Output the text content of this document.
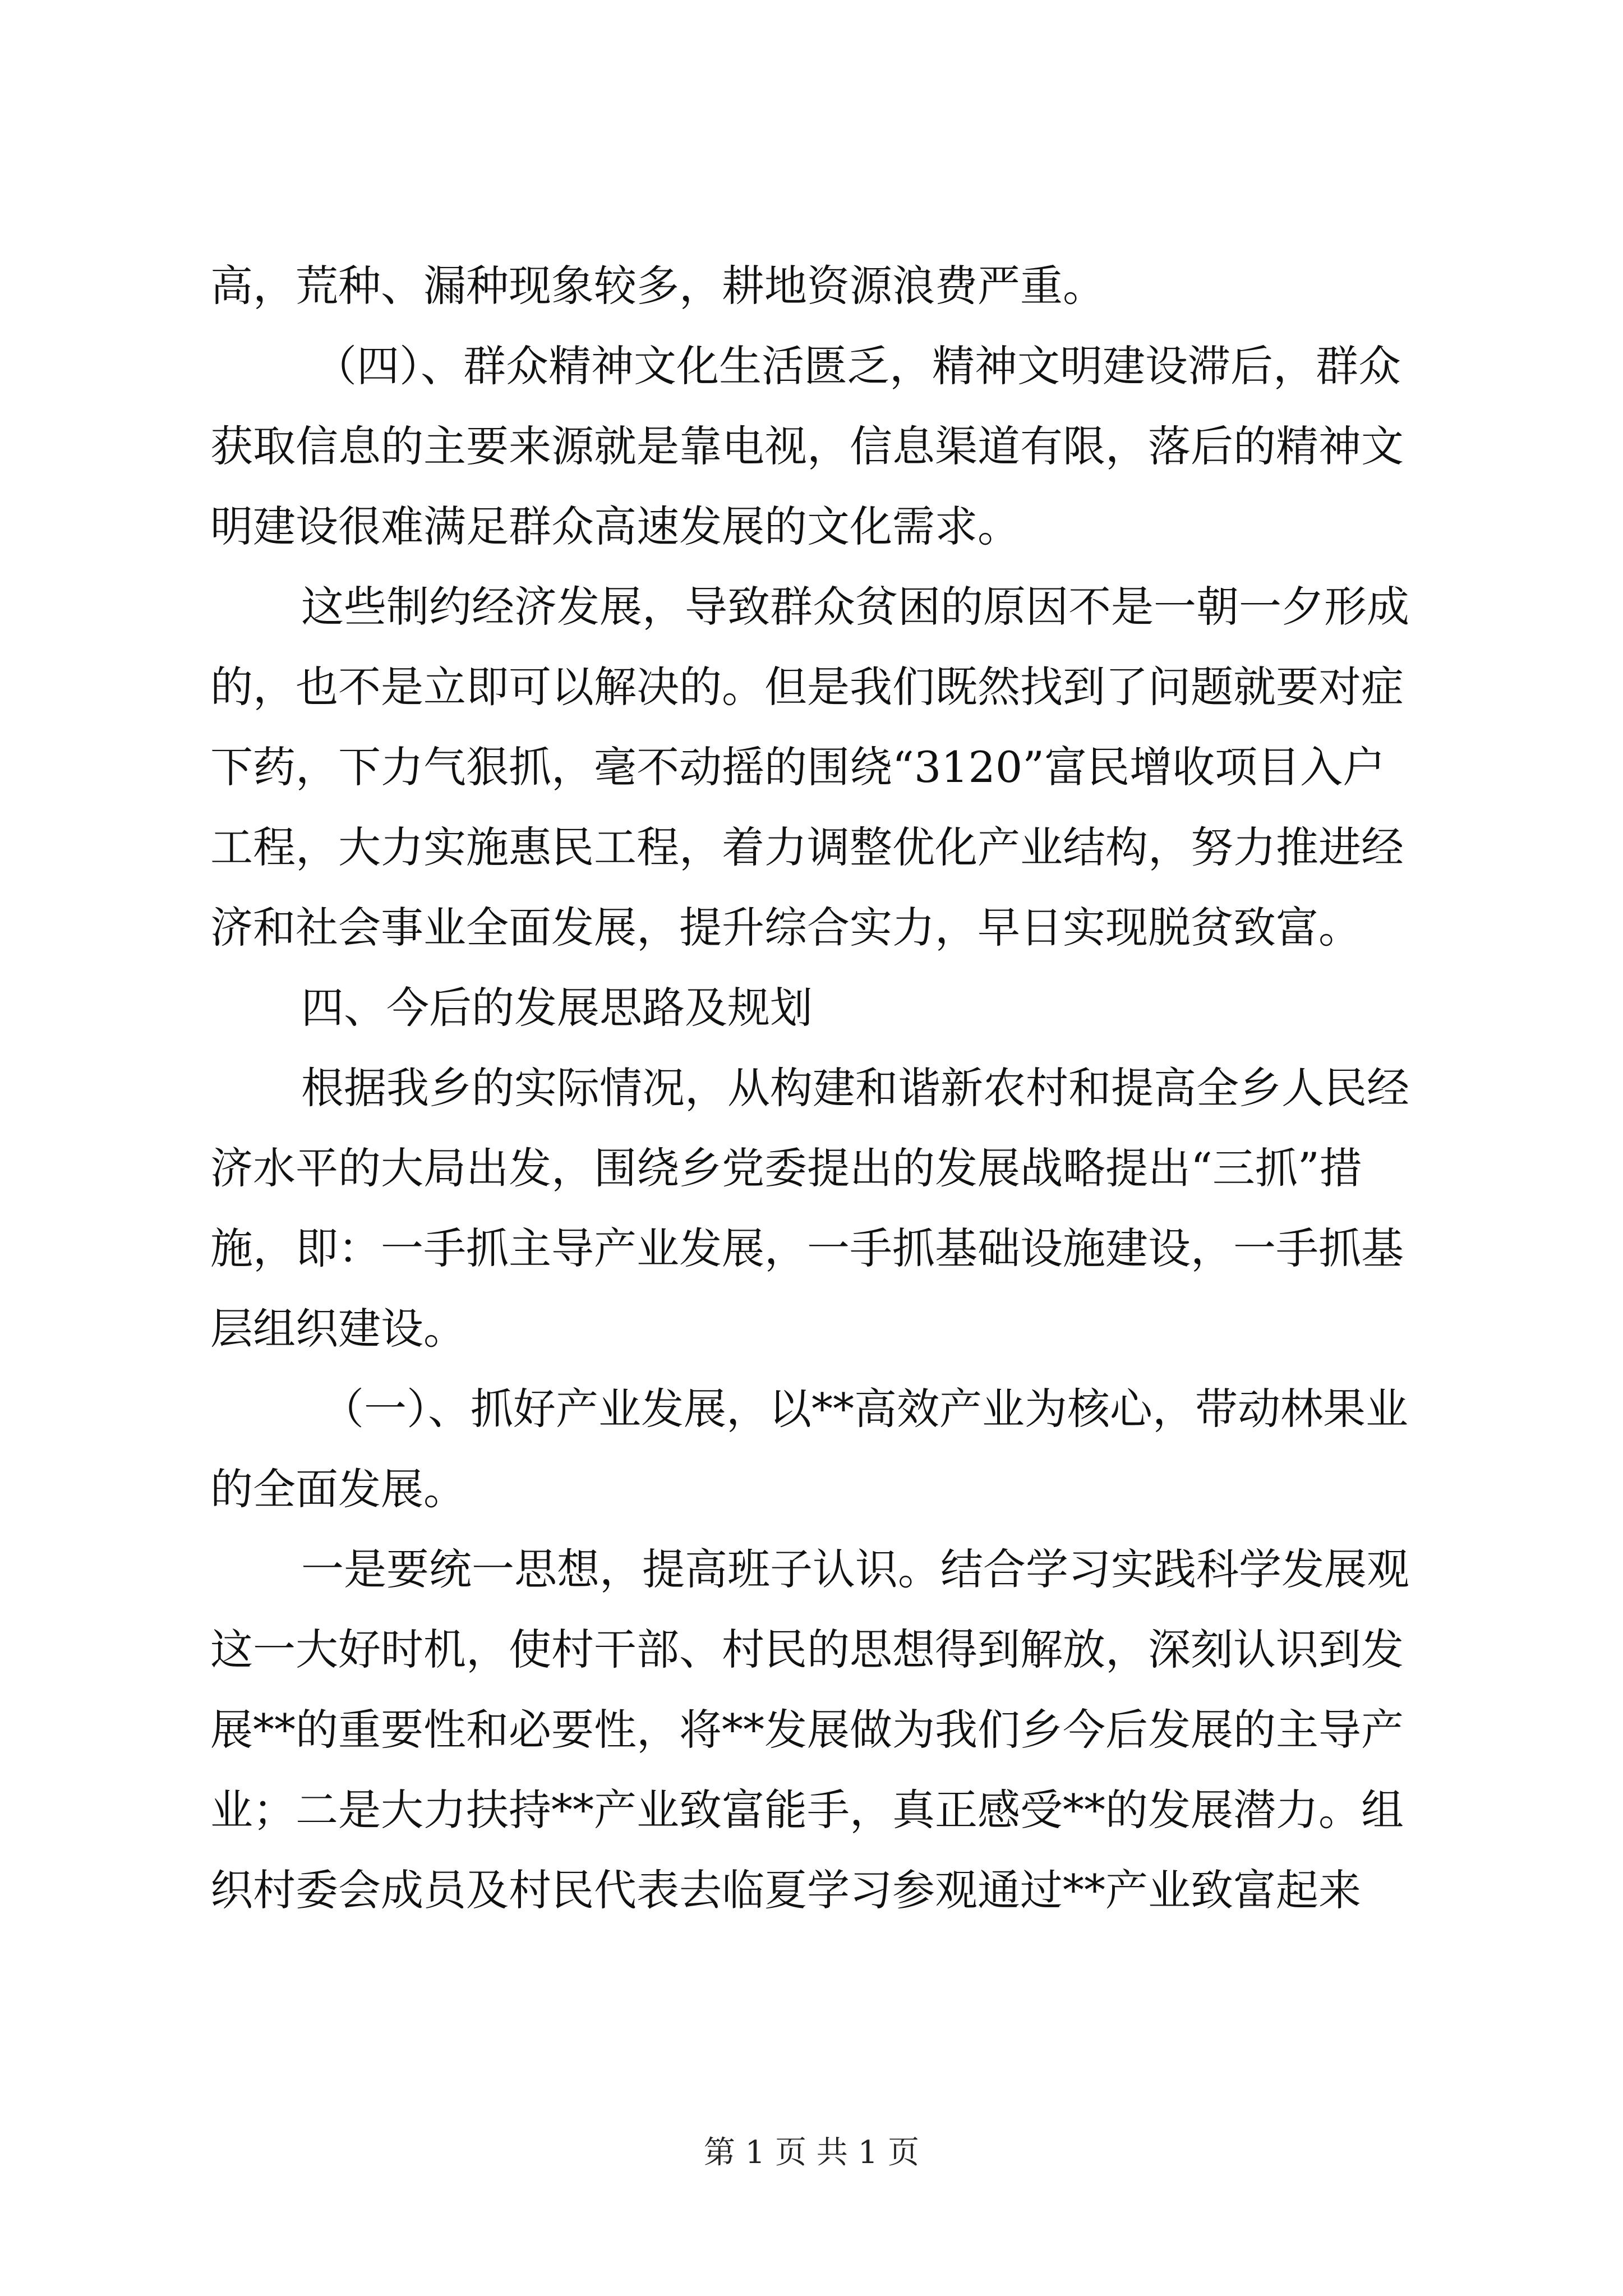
高，荒种、漏种现象较多，耕地资源浪费严重。
（四）、群众精神文化生活匮乏，精神文明建设滞后，群众
获取信息的主要来源就是靠电视，信息渠道有限，落后的精神文
明建设很难满足群众高速发展的文化需求。
这些制约经济发展，导致群众贫困的原因不是一朝一夕形成
的，也不是立即可以解决的。但是我们既然找到了问题就要对症
下药，下力气狠抓，毫不动摇的围绕“3120”富民增收项目入户
工程，大力实施惠民工程，着力调整优化产业结构，努力推进经
济和社会事业全面发展，提升综合实力，早日实现脱贫致富。
四、今后的发展思路及规划
根据我乡的实际情况，从构建和谐新农村和提高全乡人民经
济水平的大局出发，围绕乡党委提出的发展战略提出“三抓”措
施，即：一手抓主导产业发展，一手抓基础设施建设，一手抓基
层组织建设。
（一）、抓好产业发展，以**高效产业为核心，带动林果业
的全面发展。
一是要统一思想，提高班子认识。结合学习实践科学发展观
这一大好时机，使村干部、村民的思想得到解放，深刻认识到发
展**的重要性和必要性，将**发展做为我们乡今后发展的主导产
业；二是大力扶持**产业致富能手，真正感受**的发展潜力。组
织村委会成员及村民代表去临夏学习参观通过**产业致富起来
第 1 页 共 1 页
